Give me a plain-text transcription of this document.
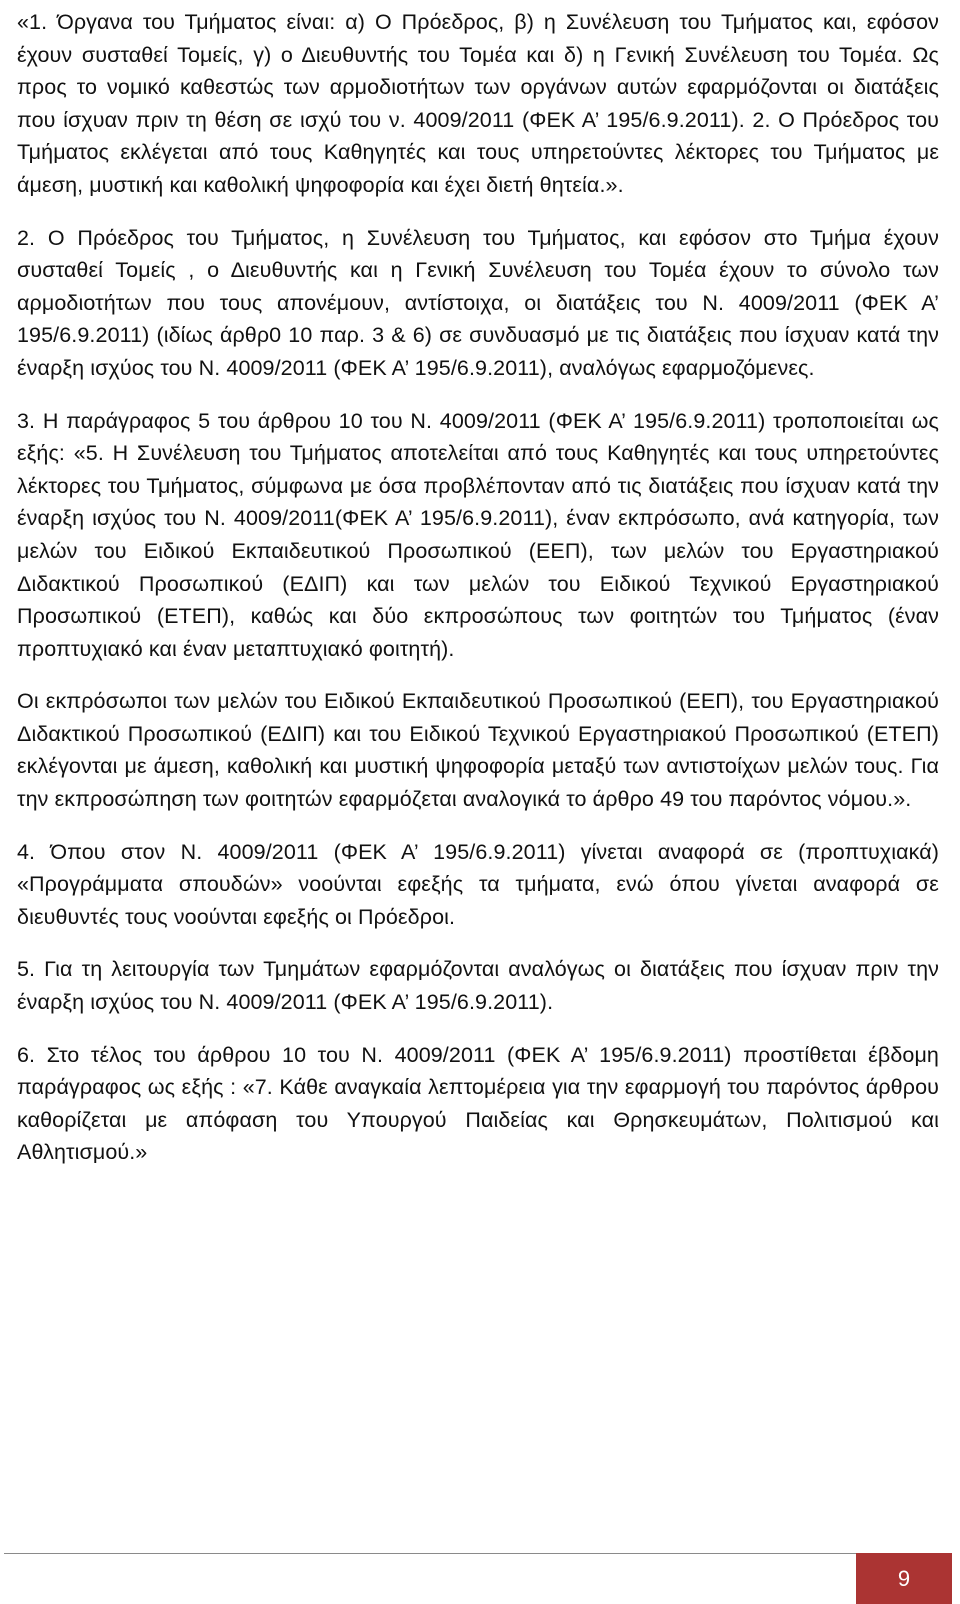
«1. Όργανα του Τμήματος είναι: α) Ο Πρόεδρος, β) η Συνέλευση του Τμήματος και, εφόσον έχουν συσταθεί Τομείς, γ) ο Διευθυντής του Τομέα και δ) η Γενική Συνέλευση του Τομέα. Ως προς το νομικό καθεστώς των αρμοδιοτήτων των οργάνων αυτών εφαρμόζονται οι διατάξεις που ίσχυαν πριν τη θέση σε ισχύ του ν. 4009/2011 (ΦΕΚ Α’ 195/6.9.2011). 2. Ο Πρόεδρος του Τμήματος εκλέγεται από τους Καθηγητές και τους υπηρετούντες λέκτορες του Τμήματος με άμεση, μυστική και καθολική ψηφοφορία και έχει διετή θητεία.».

2. Ο Πρόεδρος του Τμήματος, η Συνέλευση του Τμήματος, και εφόσον στο Τμήμα έχουν συσταθεί Τομείς , ο Διευθυντής και η Γενική Συνέλευση του Τομέα έχουν το σύνολο των αρμοδιοτήτων που τους απονέμουν, αντίστοιχα, οι διατάξεις του Ν. 4009/2011 (ΦΕΚ Α’ 195/6.9.2011) (ιδίως άρθρ0 10 παρ. 3 & 6) σε συνδυασμό με τις διατάξεις που ίσχυαν κατά την έναρξη ισχύος του Ν. 4009/2011 (ΦΕΚ Α’ 195/6.9.2011), αναλόγως εφαρμοζόμενες.

3. Η παράγραφος 5 του άρθρου 10 του Ν. 4009/2011 (ΦΕΚ Α’ 195/6.9.2011) τροποποιείται ως εξής: «5. Η Συνέλευση του Τμήματος αποτελείται από τους Καθηγητές και τους υπηρετούντες λέκτορες του Τμήματος, σύμφωνα με όσα προβλέπονταν από τις διατάξεις που ίσχυαν κατά την έναρξη ισχύος του Ν. 4009/2011(ΦΕΚ Α’ 195/6.9.2011), έναν εκπρόσωπο, ανά κατηγορία, των μελών του Ειδικού Εκπαιδευτικού Προσωπικού (ΕΕΠ), των μελών του Εργαστηριακού Διδακτικού Προσωπικού (ΕΔΙΠ) και των μελών του Ειδικού Τεχνικού Εργαστηριακού Προσωπικού (ΕΤΕΠ), καθώς και δύο εκπροσώπους των φοιτητών του Τμήματος (έναν προπτυχιακό και έναν μεταπτυχιακό φοιτητή).

Οι εκπρόσωποι των μελών του Ειδικού Εκπαιδευτικού Προσωπικού (ΕΕΠ), του Εργαστηριακού Διδακτικού Προσωπικού (ΕΔΙΠ) και του Ειδικού Τεχνικού Εργαστηριακού Προσωπικού (ΕΤΕΠ) εκλέγονται με άμεση, καθολική και μυστική ψηφοφορία μεταξύ των αντιστοίχων μελών τους. Για την εκπροσώπηση των φοιτητών εφαρμόζεται αναλογικά το άρθρο 49 του παρόντος νόμου.».

4. Όπου στον Ν. 4009/2011 (ΦΕΚ Α’ 195/6.9.2011) γίνεται αναφορά σε (προπτυχιακά) «Προγράμματα σπουδών» νοούνται εφεξής τα τμήματα, ενώ όπου γίνεται αναφορά σε διευθυντές τους νοούνται εφεξής οι Πρόεδροι.

5. Για τη λειτουργία των Τμημάτων εφαρμόζονται αναλόγως οι διατάξεις που ίσχυαν πριν την έναρξη ισχύος του Ν. 4009/2011 (ΦΕΚ Α’ 195/6.9.2011).

6. Στο τέλος του άρθρου 10 του Ν. 4009/2011 (ΦΕΚ Α’ 195/6.9.2011) προστίθεται έβδομη παράγραφος ως εξής : «7. Κάθε αναγκαία λεπτομέρεια για την εφαρμογή του παρόντος άρθρου καθορίζεται με απόφαση του Υπουργού Παιδείας και Θρησκευμάτων, Πολιτισμού και Αθλητισμού.»

9
